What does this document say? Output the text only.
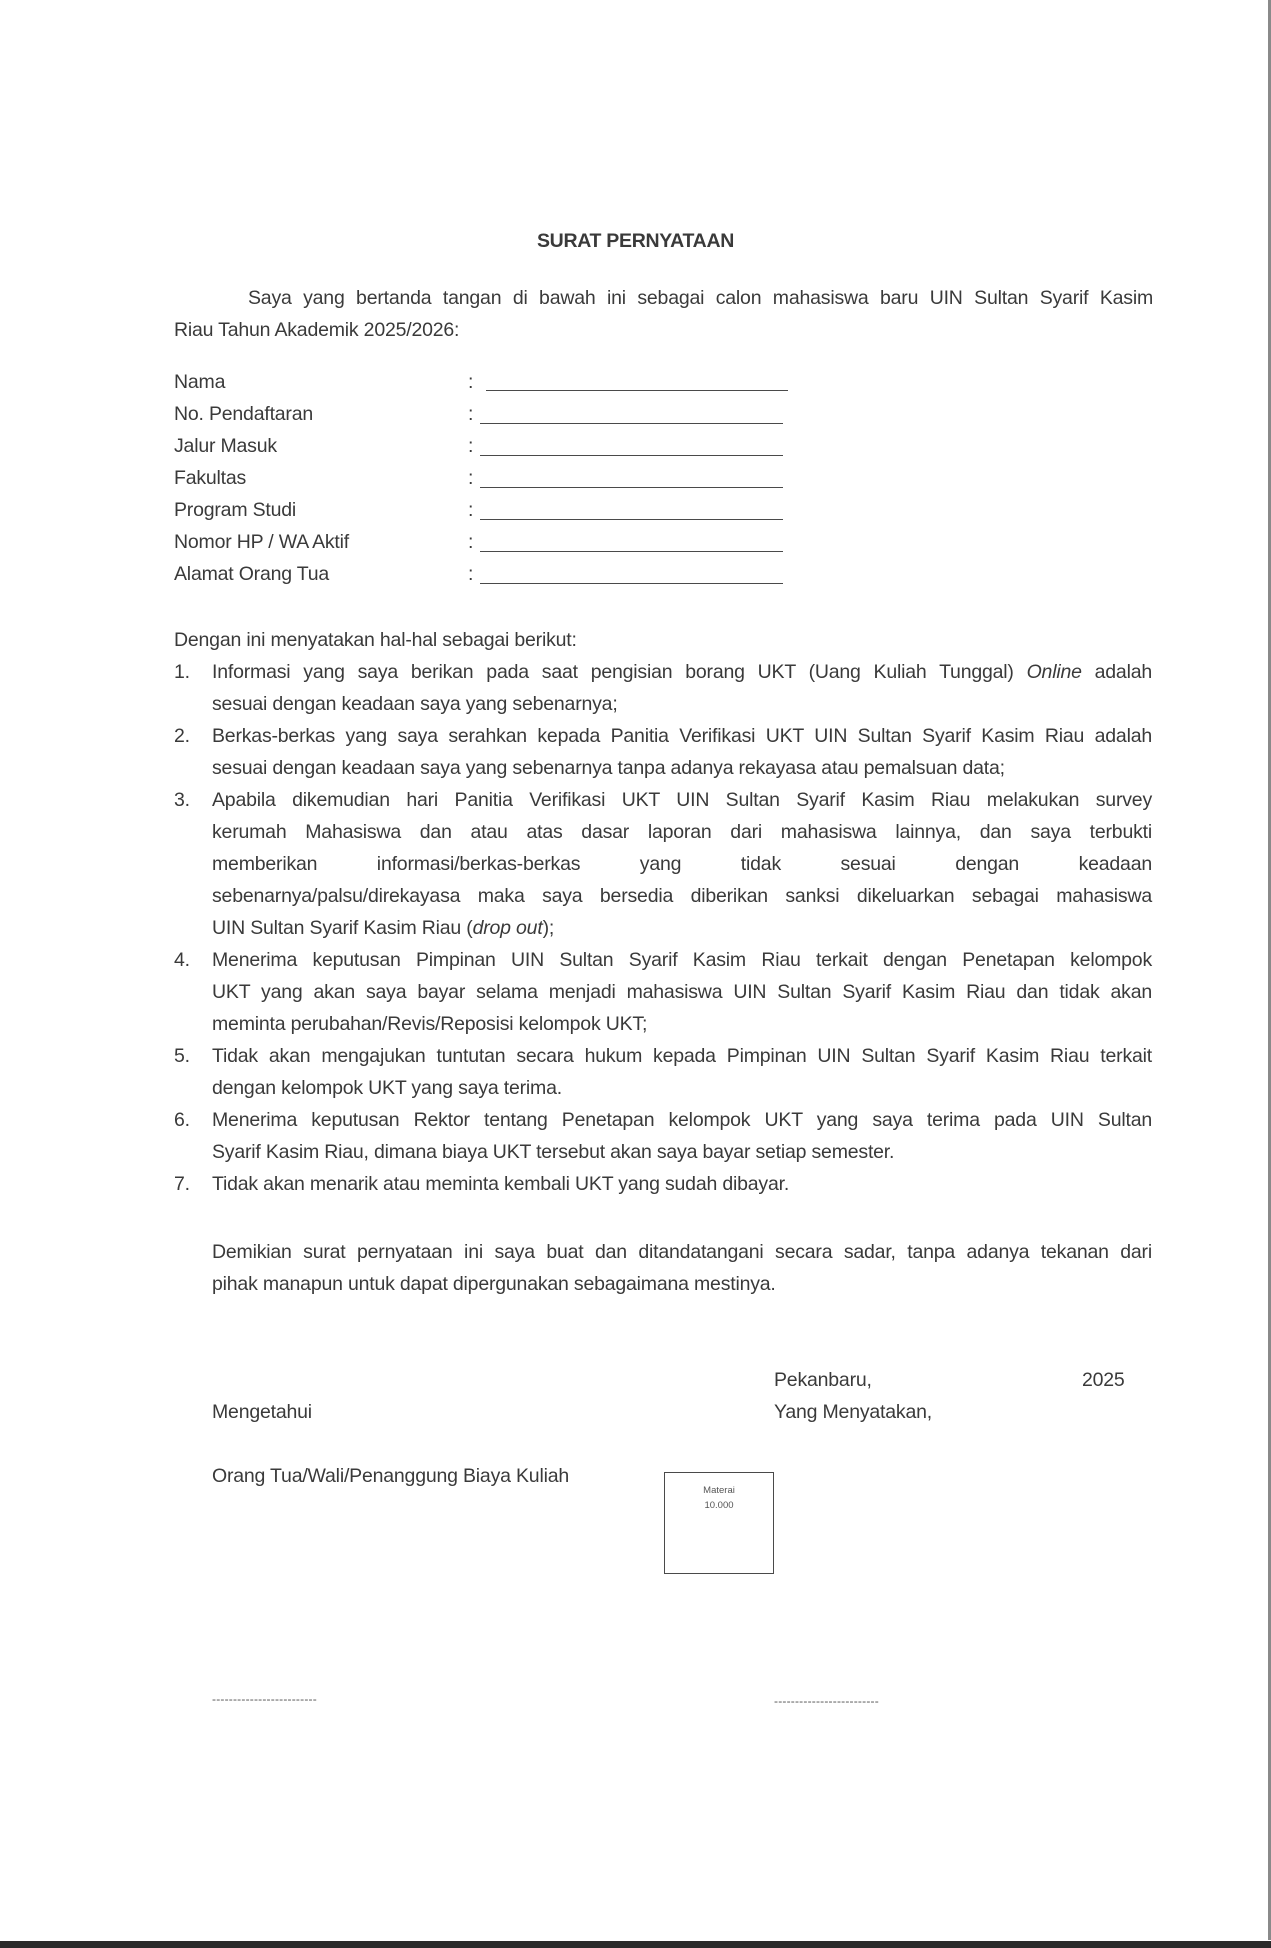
SURAT PERNYATAAN
Saya yang bertanda tangan di bawah ini sebagai calon mahasiswa baru UIN Sultan Syarif Kasim
Riau Tahun Akademik 2025/2026:
Nama	:
No. Pendaftaran	:
Jalur Masuk	:
Fakultas	:
Program Studi	:
Nomor HP / WA Aktif	:
Alamat Orang Tua	:
Dengan ini menyatakan hal-hal sebagai berikut:
1. Informasi yang saya berikan pada saat pengisian borang UKT (Uang Kuliah Tunggal) Online adalah
sesuai dengan keadaan saya yang sebenarnya;
2. Berkas-berkas yang saya serahkan kepada Panitia Verifikasi UKT UIN Sultan Syarif Kasim Riau adalah
sesuai dengan keadaan saya yang sebenarnya tanpa adanya rekayasa atau pemalsuan data;
3. Apabila dikemudian hari Panitia Verifikasi UKT UIN Sultan Syarif Kasim Riau melakukan survey
kerumah Mahasiswa dan atau atas dasar laporan dari mahasiswa lainnya, dan saya terbukti
memberikan informasi/berkas-berkas yang tidak sesuai dengan keadaan
sebenarnya/palsu/direkayasa maka saya bersedia diberikan sanksi dikeluarkan sebagai mahasiswa
UIN Sultan Syarif Kasim Riau (drop out);
4. Menerima keputusan Pimpinan UIN Sultan Syarif Kasim Riau terkait dengan Penetapan kelompok
UKT yang akan saya bayar selama menjadi mahasiswa UIN Sultan Syarif Kasim Riau dan tidak akan
meminta perubahan/Revis/Reposisi kelompok UKT;
5. Tidak akan mengajukan tuntutan secara hukum kepada Pimpinan UIN Sultan Syarif Kasim Riau terkait
dengan kelompok UKT yang saya terima.
6. Menerima keputusan Rektor tentang Penetapan kelompok UKT yang saya terima pada UIN Sultan
Syarif Kasim Riau, dimana biaya UKT tersebut akan saya bayar setiap semester.
7. Tidak akan menarik atau meminta kembali UKT yang sudah dibayar.
Demikian surat pernyataan ini saya buat dan ditandatangani secara sadar, tanpa adanya tekanan dari
pihak manapun untuk dapat dipergunakan sebagaimana mestinya.
Pekanbaru,	2025
Mengetahui	Yang Menyatakan,
Orang Tua/Wali/Penanggung Biaya Kuliah
Materai
10.000
-------------------------	-------------------------
